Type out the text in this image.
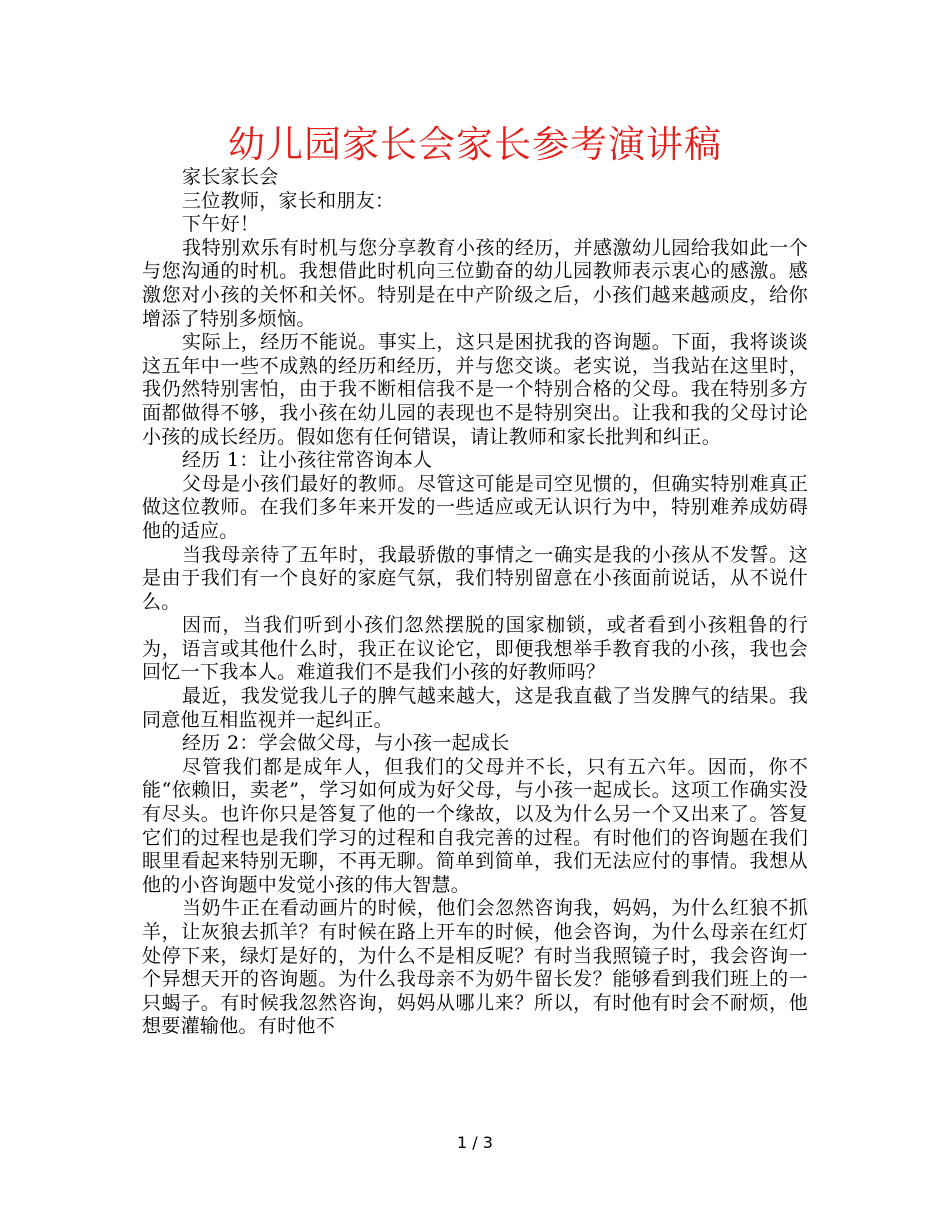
幼儿园家长会家长参考演讲稿

家长家长会

三位教师，家长和朋友：

下午好！

我特别欢乐有时机与您分享教育小孩的经历，并感激幼儿园给我如此一个与您沟通的时机。我想借此时机向三位勤奋的幼儿园教师表示衷心的感激。感激您对小孩的关怀和关怀。特别是在中产阶级之后，小孩们越来越顽皮，给你增添了特别多烦恼。

实际上，经历不能说。事实上，这只是困扰我的咨询题。下面，我将谈谈这五年中一些不成熟的经历和经历，并与您交谈。老实说，当我站在这里时，我仍然特别害怕，由于我不断相信我不是一个特别合格的父母。我在特别多方面都做得不够，我小孩在幼儿园的表现也不是特别突出。让我和我的父母讨论小孩的成长经历。假如您有任何错误，请让教师和家长批判和纠正。

经历 1：让小孩往常咨询本人

父母是小孩们最好的教师。尽管这可能是司空见惯的，但确实特别难真正做这位教师。在我们多年来开发的一些适应或无认识行为中，特别难养成妨碍他的适应。

当我母亲待了五年时，我最骄傲的事情之一确实是我的小孩从不发誓。这是由于我们有一个良好的家庭气氛，我们特别留意在小孩面前说话，从不说什么。

因而，当我们听到小孩们忽然摆脱的国家枷锁，或者看到小孩粗鲁的行为，语言或其他什么时，我正在议论它，即便我想举手教育我的小孩，我也会回忆一下我本人。难道我们不是我们小孩的好教师吗？

最近，我发觉我儿子的脾气越来越大，这是我直截了当发脾气的结果。我同意他互相监视并一起纠正。

经历 2：学会做父母，与小孩一起成长

尽管我们都是成年人，但我们的父母并不长，只有五六年。因而，你不能“依赖旧，卖老”，学习如何成为好父母，与小孩一起成长。这项工作确实没有尽头。也许你只是答复了他的一个缘故，以及为什么另一个又出来了。答复它们的过程也是我们学习的过程和自我完善的过程。有时他们的咨询题在我们眼里看起来特别无聊，不再无聊。简单到简单，我们无法应付的事情。我想从他的小咨询题中发觉小孩的伟大智慧。

当奶牛正在看动画片的时候，他们会忽然咨询我，妈妈，为什么红狼不抓羊，让灰狼去抓羊？有时候在路上开车的时候，他会咨询，为什么母亲在红灯处停下来，绿灯是好的，为什么不是相反呢？有时当我照镜子时，我会咨询一个异想天开的咨询题。为什么我母亲不为奶牛留长发？能够看到我们班上的一只蝎子。有时候我忽然咨询，妈妈从哪儿来？所以，有时他有时会不耐烦，他想要灌输他。有时他不

1 / 3
